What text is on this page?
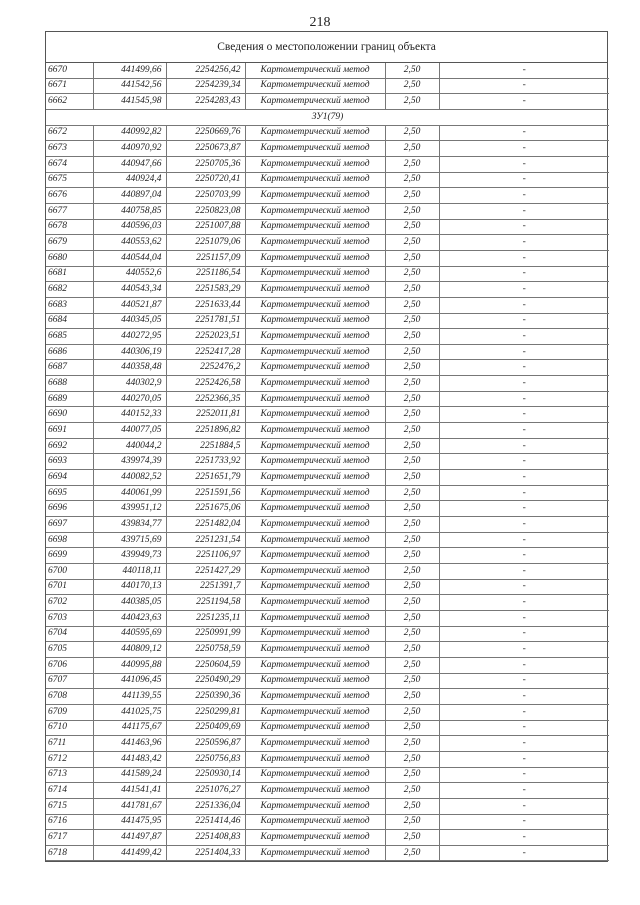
218
Сведения о местоположении границ объекта
6670	441499,66	2254256,42	Картометрический метод	2,50	-
6671	441542,56	2254239,34	Картометрический метод	2,50	-
6662	441545,98	2254283,43	Картометрический метод	2,50	-
ЗУ1(79)					
6672	440992,82	2250669,76	Картометрический метод	2,50	-
6673	440970,92	2250673,87	Картометрический метод	2,50	-
6674	440947,66	2250705,36	Картометрический метод	2,50	-
6675	440924,4	2250720,41	Картометрический метод	2,50	-
6676	440897,04	2250703,99	Картометрический метод	2,50	-
6677	440758,85	2250823,08	Картометрический метод	2,50	-
6678	440596,03	2251007,88	Картометрический метод	2,50	-
6679	440553,62	2251079,06	Картометрический метод	2,50	-
6680	440544,04	2251157,09	Картометрический метод	2,50	-
6681	440552,6	2251186,54	Картометрический метод	2,50	-
6682	440543,34	2251583,29	Картометрический метод	2,50	-
6683	440521,87	2251633,44	Картометрический метод	2,50	-
6684	440345,05	2251781,51	Картометрический метод	2,50	-
6685	440272,95	2252023,51	Картометрический метод	2,50	-
6686	440306,19	2252417,28	Картометрический метод	2,50	-
6687	440358,48	2252476,2	Картометрический метод	2,50	-
6688	440302,9	2252426,58	Картометрический метод	2,50	-
6689	440270,05	2252366,35	Картометрический метод	2,50	-
6690	440152,33	2252011,81	Картометрический метод	2,50	-
6691	440077,05	2251896,82	Картометрический метод	2,50	-
6692	440044,2	2251884,5	Картометрический метод	2,50	-
6693	439974,39	2251733,92	Картометрический метод	2,50	-
6694	440082,52	2251651,79	Картометрический метод	2,50	-
6695	440061,99	2251591,56	Картометрический метод	2,50	-
6696	439951,12	2251675,06	Картометрический метод	2,50	-
6697	439834,77	2251482,04	Картометрический метод	2,50	-
6698	439715,69	2251231,54	Картометрический метод	2,50	-
6699	439949,73	2251106,97	Картометрический метод	2,50	-
6700	440118,11	2251427,29	Картометрический метод	2,50	-
6701	440170,13	2251391,7	Картометрический метод	2,50	-
6702	440385,05	2251194,58	Картометрический метод	2,50	-
6703	440423,63	2251235,11	Картометрический метод	2,50	-
6704	440595,69	2250991,99	Картометрический метод	2,50	-
6705	440809,12	2250758,59	Картометрический метод	2,50	-
6706	440995,88	2250604,59	Картометрический метод	2,50	-
6707	441096,45	2250490,29	Картометрический метод	2,50	-
6708	441139,55	2250390,36	Картометрический метод	2,50	-
6709	441025,75	2250299,81	Картометрический метод	2,50	-
6710	441175,67	2250409,69	Картометрический метод	2,50	-
6711	441463,96	2250596,87	Картометрический метод	2,50	-
6712	441483,42	2250756,83	Картометрический метод	2,50	-
6713	441589,24	2250930,14	Картометрический метод	2,50	-
6714	441541,41	2251076,27	Картометрический метод	2,50	-
6715	441781,67	2251336,04	Картометрический метод	2,50	-
6716	441475,95	2251414,46	Картометрический метод	2,50	-
6717	441497,87	2251408,83	Картометрический метод	2,50	-
6718	441499,42	2251404,33	Картометрический метод	2,50	-
